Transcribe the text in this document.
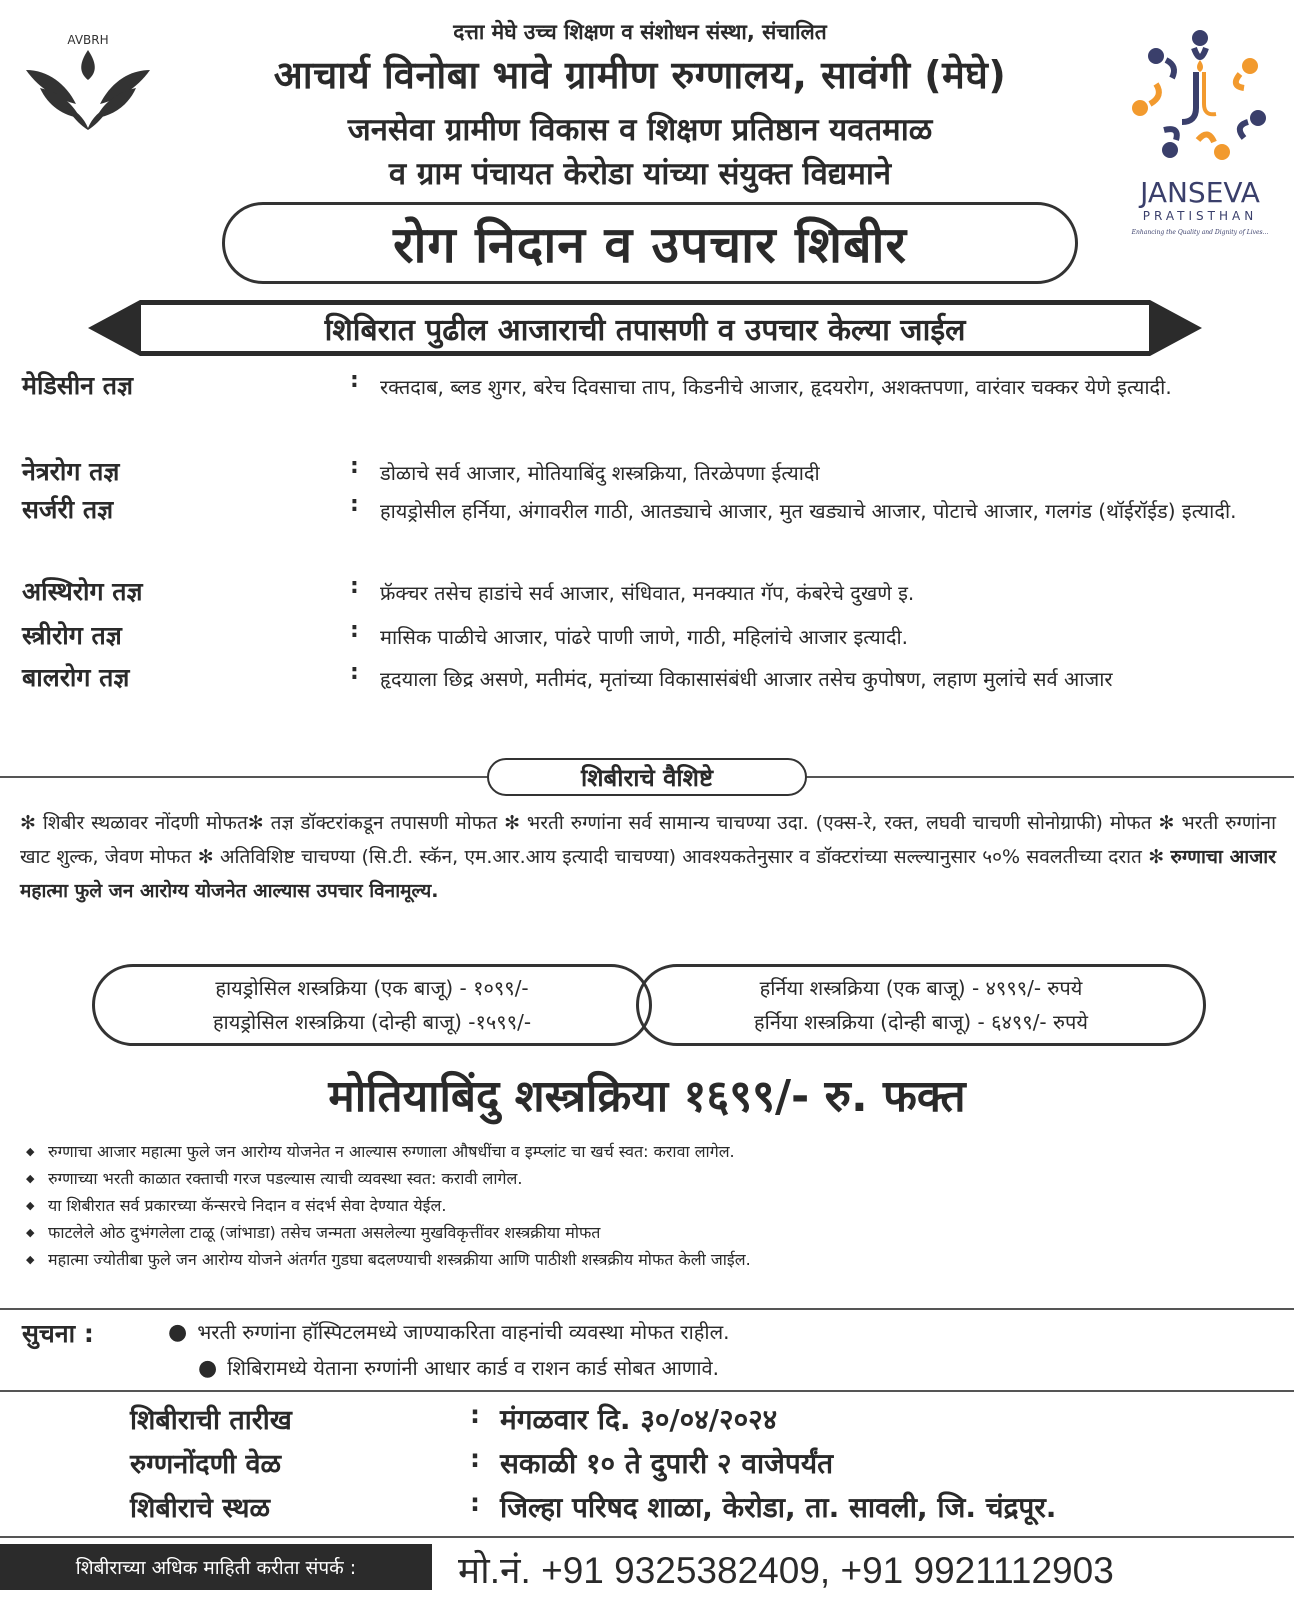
AVBRH	दत्ता मेघे उच्च शिक्षण व संशोधन संस्था, संचालित
आचार्य विनोबा भावे ग्रामीण रुग्णालय, सावंगी (मेघे)
जनसेवा ग्रामीण विकास व शिक्षण प्रतिष्ठान यवतमाळ
व ग्राम पंचायत केरोडा यांच्या संयुक्त विद्यमाने
JANSEVA
PRATISTHAN
Enhancing the Quality and Dignity of Lives...
रोग निदान व उपचार शिबीर
शिबिरात पुढील आजाराची तपासणी व उपचार केल्या जाईल
मेडिसीन तज्ञ	: रक्तदाब, ब्लड शुगर, बरेच दिवसाचा ताप, किडनीचे आजार, हृदयरोग, अशक्तपणा, वारंवार चक्कर येणे इत्यादी.
नेत्ररोग तज्ञ	: डोळाचे सर्व आजार, मोतियाबिंदु शस्त्रक्रिया, तिरळेपणा ईत्यादी
सर्जरी तज्ञ	: हायड्रोसील हर्निया, अंगावरील गाठी, आतड्याचे आजार, मुत खड्याचे आजार, पोटाचे आजार, गलगंड (थॉईरॉईड) इत्यादी.
अस्थिरोग तज्ञ	: फ्रॅक्चर तसेच हाडांचे सर्व आजार, संधिवात, मनक्यात गॅप, कंबरेचे दुखणे इ.
स्त्रीरोग तज्ञ	: मासिक पाळीचे आजार, पांढरे पाणी जाणे, गाठी, महिलांचे आजार इत्यादी.
बालरोग तज्ञ	: हृदयाला छिद्र असणे, मतीमंद, मृतांच्या विकासासंबंधी आजार तसेच कुपोषण, लहाण मुलांचे सर्व आजार
शिबीराचे वैशिष्टे
✻ शिबीर स्थळावर नोंदणी मोफत✻ तज्ञ डॉक्टरांकडून तपासणी मोफत ✻ भरती रुग्णांना सर्व सामान्य चाचण्या उदा. (एक्स-रे, रक्त, लघवी चाचणी सोनोग्राफी) मोफत ✻ भरती रुग्णांना खाट शुल्क, जेवण मोफत ✻ अतिविशिष्ट चाचण्या (सि.टी. स्कॅन, एम.आर.आय इत्यादी चाचण्या) आवश्यकतेनुसार व डॉक्टरांच्या सल्ल्यानुसार ५०% सवलतीच्या दरात ✻ रुग्णाचा आजार महात्मा फुले जन आरोग्य योजनेत आल्यास उपचार विनामूल्य.
हायड्रोसिल शस्त्रक्रिया (एक बाजू) - १०९९/-
हायड्रोसिल शस्त्रक्रिया (दोन्ही बाजू) -१५९९/-
हर्निया शस्त्रक्रिया (एक बाजू) - ४९९९/- रुपये
हर्निया शस्त्रक्रिया (दोन्ही बाजू) - ६४९९/- रुपये
मोतियाबिंदु शस्त्रक्रिया १६९९/- रु. फक्त
◆ रुग्णाचा आजार महात्मा फुले जन आरोग्य योजनेत न आल्यास रुग्णाला औषधींचा व इम्प्लांट चा खर्च स्वत: करावा लागेल.
◆ रुग्णाच्या भरती काळात रक्ताची गरज पडल्यास त्याची व्यवस्था स्वत: करावी लागेल.
◆ या शिबीरात सर्व प्रकारच्या कॅन्सरचे निदान व संदर्भ सेवा देण्यात येईल.
◆ फाटलेले ओठ दुभंगलेला टाळू (जांभाडा) तसेच जन्मता असलेल्या मुखविकृत्तींवर शस्त्रक्रीया मोफत
◆ महात्मा ज्योतीबा फुले जन आरोग्य योजने अंतर्गत गुडघा बदलण्याची शस्त्रक्रीया आणि पाठीशी शस्त्रक्रीय मोफत केली जाईल.
सुचना :	● भरती रुग्णांना हॉस्पिटलमध्ये जाण्याकरिता वाहनांची व्यवस्था मोफत राहील.
● शिबिरामध्ये येताना रुग्णांनी आधार कार्ड व राशन कार्ड सोबत आणावे.
शिबीराची तारीख	: मंगळवार दि. ३०/०४/२०२४
रुग्णनोंदणी वेळ	: सकाळी १० ते दुपारी २ वाजेपर्यंत
शिबीराचे स्थळ	: जिल्हा परिषद शाळा, केरोडा, ता. सावली, जि. चंद्रपूर.
शिबीराच्या अधिक माहिती करीता संपर्क :	मो.नं. +91 9325382409, +91 9921112903
